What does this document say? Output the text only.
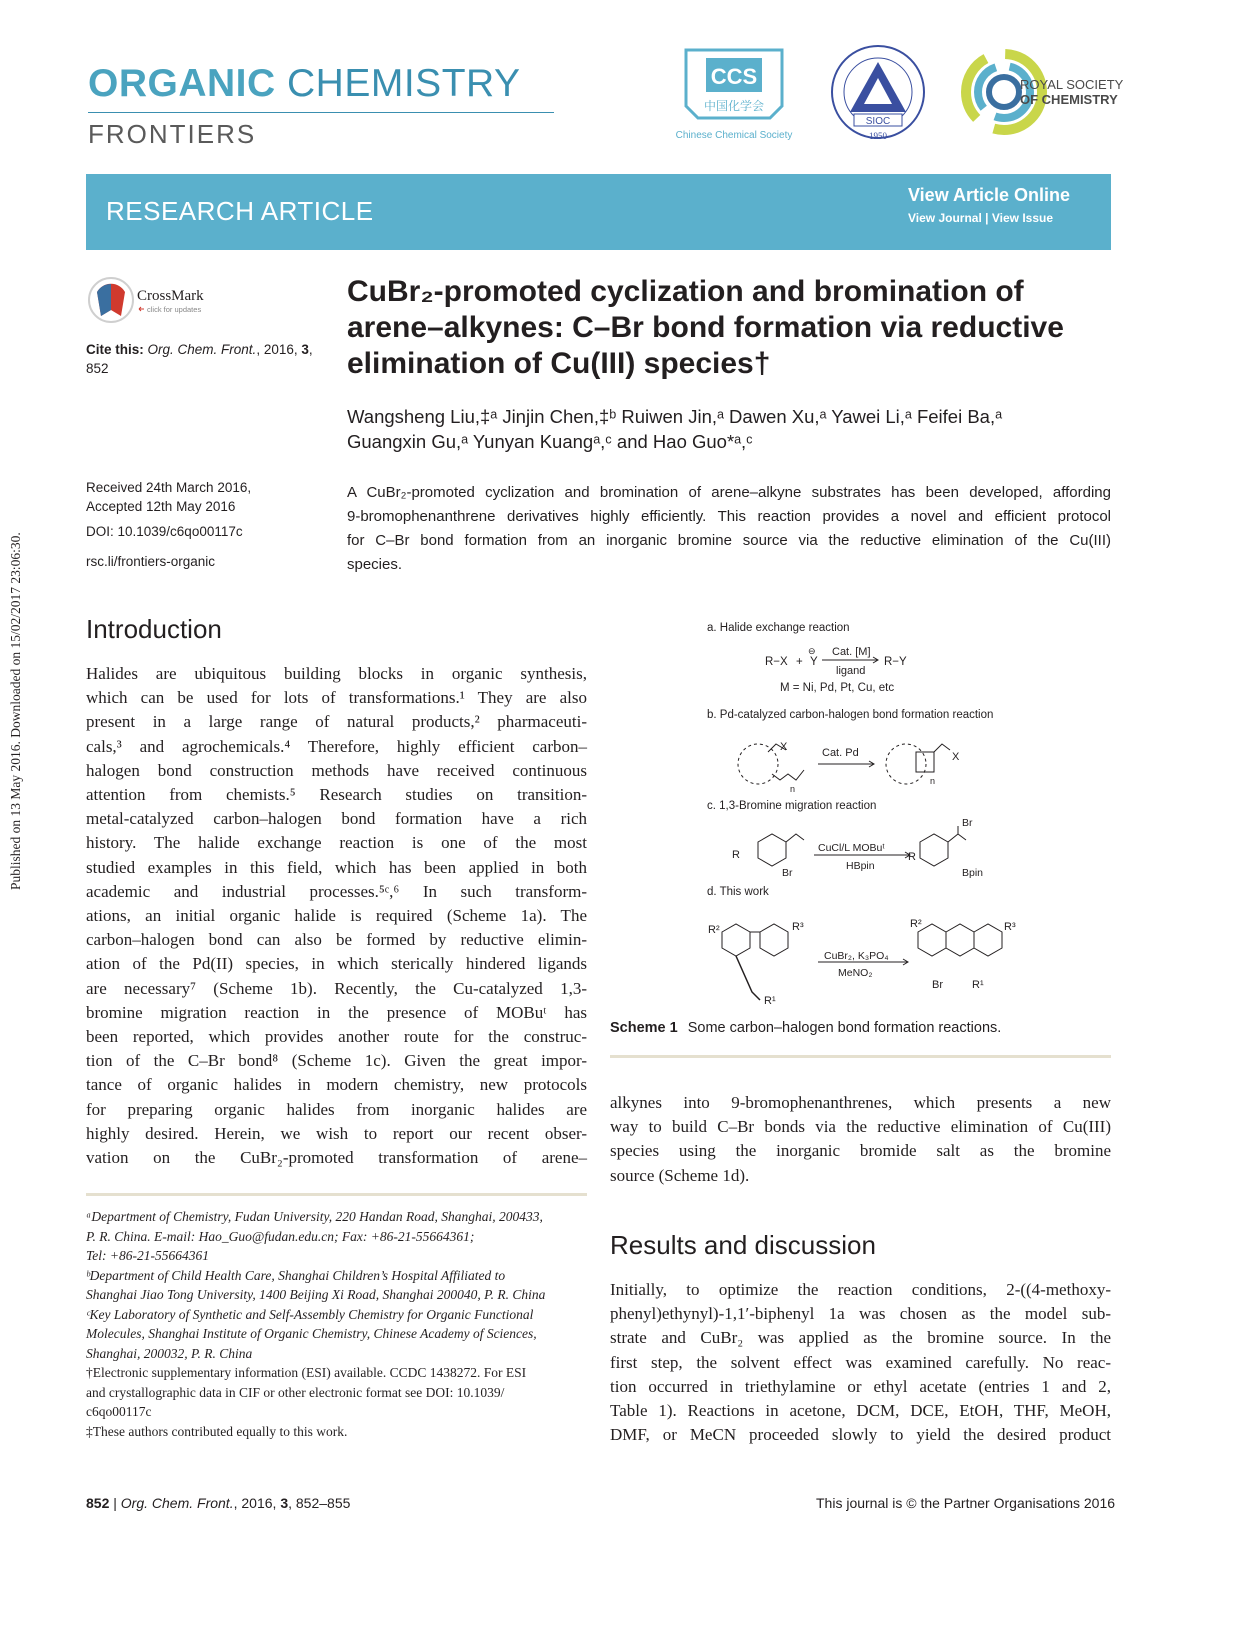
Published on 13 May 2016. Downloaded on 15/02/2017 23:06:30.
ORGANIC CHEMISTRY
FRONTIERS
CCS
中国化学会
Chinese Chemical Society
SIOC
1950
ROYAL SOCIETY
OF CHEMISTRY
RESEARCH ARTICLE
View Article Online
View Journal | View Issue
CrossMark
click for updates
Cite this: Org. Chem. Front., 2016, 3,
852
Received 24th March 2016,
Accepted 12th May 2016
DOI: 10.1039/c6qo00117c
rsc.li/frontiers-organic
CuBr₂-promoted cyclization and bromination of
arene–alkynes: C–Br bond formation via reductive
elimination of Cu(III) species†
Wangsheng Liu,‡ᵃ Jinjin Chen,‡ᵇ Ruiwen Jin,ᵃ Dawen Xu,ᵃ Yawei Li,ᵃ Feifei Ba,ᵃ
Guangxin Gu,ᵃ Yunyan Kuangᵃ,ᶜ and Hao Guo*ᵃ,ᶜ
A CuBr₂-promoted cyclization and bromination of arene–alkyne substrates has been developed, affording
9-bromophenanthrene derivatives highly efficiently. This reaction provides a novel and efficient protocol
for C–Br bond formation from an inorganic bromine source via the reductive elimination of the Cu(III)
species.
Introduction
Halides are ubiquitous building blocks in organic synthesis,
which can be used for lots of transformations.¹ They are also
present in a large range of natural products,² pharmaceuti-
cals,³ and agrochemicals.⁴ Therefore, highly efficient carbon–
halogen bond construction methods have received continuous
attention from chemists.⁵ Research studies on transition-
metal-catalyzed carbon–halogen bond formation have a rich
history. The halide exchange reaction is one of the most
studied examples in this field, which has been applied in both
academic and industrial processes.⁵ᶜ,⁶ In such transform-
ations, an initial organic halide is required (Scheme 1a). The
carbon–halogen bond can also be formed by reductive elimin-
ation of the Pd(II) species, in which sterically hindered ligands
are necessary⁷ (Scheme 1b). Recently, the Cu-catalyzed 1,3-
bromine migration reaction in the presence of MOBuᵗ has
been reported, which provides another route for the construc-
tion of the C–Br bond⁸ (Scheme 1c). Given the great impor-
tance of organic halides in modern chemistry, new protocols
for preparing organic halides from inorganic halides are
highly desired. Herein, we wish to report our recent obser-
vation on the CuBr₂-promoted transformation of arene–
a. Halide exchange reaction
R−X + Y
⊖ Cat. [M]
ligand
R−Y
M = Ni, Pd, Pt, Cu, etc
b. Pd-catalyzed carbon-halogen bond formation reaction
X
n
Cat. Pd	X
n
c. 1,3-Bromine migration reaction
R
Br
CuCl/L MOBuᵗ
HBpin
R
Br
Bpin
d. This work
R²	R³
R¹
CuBr₂, K₃PO₄
MeNO₂
R²	R³
Br	R¹
Scheme 1 Some carbon–halogen bond formation reactions.
alkynes into 9-bromophenanthrenes, which presents a new
way to build C–Br bonds via the reductive elimination of Cu(III)
species using the inorganic bromide salt as the bromine
source (Scheme 1d).
Results and discussion
Initially, to optimize the reaction conditions, 2-((4-methoxy-
phenyl)ethynyl)-1,1′-biphenyl 1a was chosen as the model sub-
strate and CuBr₂ was applied as the bromine source. In the
first step, the solvent effect was examined carefully. No reac-
tion occurred in triethylamine or ethyl acetate (entries 1 and 2,
Table 1). Reactions in acetone, DCM, DCE, EtOH, THF, MeOH,
DMF, or MeCN proceeded slowly to yield the desired product
ᵃDepartment of Chemistry, Fudan University, 220 Handan Road, Shanghai, 200433,
P. R. China. E-mail: Hao_Guo@fudan.edu.cn; Fax: +86-21-55664361;
Tel: +86-21-55664361
ᵇDepartment of Child Health Care, Shanghai Children’s Hospital Affiliated to
Shanghai Jiao Tong University, 1400 Beijing Xi Road, Shanghai 200040, P. R. China
ᶜKey Laboratory of Synthetic and Self-Assembly Chemistry for Organic Functional
Molecules, Shanghai Institute of Organic Chemistry, Chinese Academy of Sciences,
Shanghai, 200032, P. R. China
†Electronic supplementary information (ESI) available. CCDC 1438272. For ESI
and crystallographic data in CIF or other electronic format see DOI: 10.1039/
c6qo00117c
‡These authors contributed equally to this work.
852 | Org. Chem. Front., 2016, 3, 852–855	This journal is © the Partner Organisations 2016
